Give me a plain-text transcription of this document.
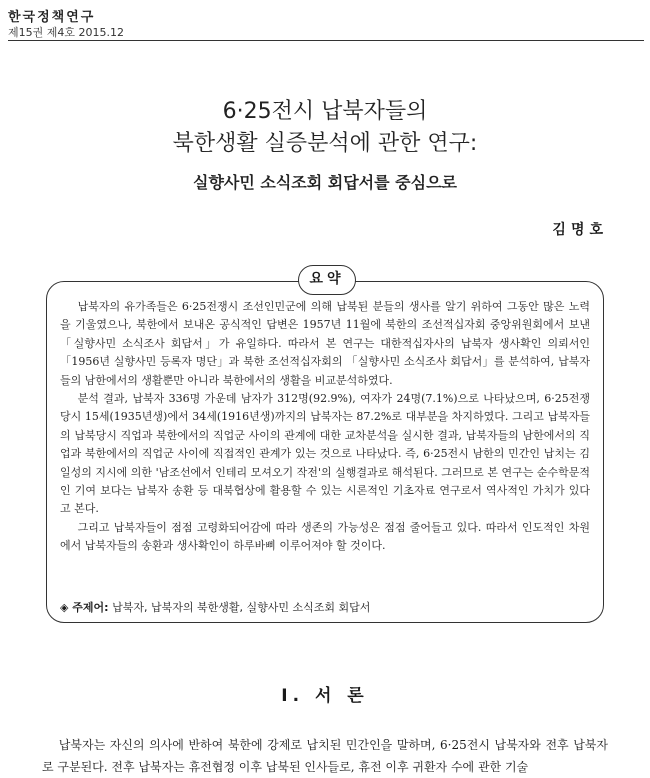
한국정책연구
제15권 제4호 2015.12
6·25전시 납북자들의
북한생활 실증분석에 관한 연구:
실향사민 소식조회 회답서를 중심으로
김명호
요약

납북자의 유가족들은 6·25전쟁시 조선인민군에 의해 납북된 분들의 생사를 알기 위하여 그동안 많은 노력을 기울였으나, 북한에서 보내온 공식적인 답변은 1957년 11월에 북한의 조선적십자회 중앙위원회에서 보낸 「실향사민 소식조사 회답서」가 유일하다. 따라서 본 연구는 대한적십자사의 납북자 생사확인 의뢰서인 「1956년 실향사민 등록자 명단」과 북한 조선적십자회의 「실향사민 소식조사 회답서」를 분석하여, 납북자들의 남한에서의 생활뿐만 아니라 북한에서의 생활을 비교분석하였다.

분석 결과, 납북자 336명 가운데 남자가 312명(92.9%), 여자가 24명(7.1%)으로 나타났으며, 6·25전쟁 당시 15세(1935년생)에서 34세(1916년생)까지의 납북자는 87.2%로 대부분을 차지하였다. 그리고 납북자들의 납북당시 직업과 북한에서의 직업군 사이의 관계에 대한 교차분석을 실시한 결과, 납북자들의 남한에서의 직업과 북한에서의 직업군 사이에 직접적인 관계가 있는 것으로 나타났다. 즉, 6·25전시 남한의 민간인 납치는 김일성의 지시에 의한 '남조선에서 인테리 모셔오기 작전'의 실행결과로 해석된다. 그러므로 본 연구는 순수학문적인 기여 보다는 납북자 송환 등 대북협상에 활용할 수 있는 시론적인 기초자료 연구로서 역사적인 가치가 있다고 본다.

그리고 납북자들이 점점 고령화되어감에 따라 생존의 가능성은 점점 줄어들고 있다. 따라서 인도적인 차원에서 납북자들의 송환과 생사확인이 하루바삐 이루어져야 할 것이다.

◈ 주제어: 납북자, 납북자의 북한생활, 실향사민 소식조회 회답서
I. 서 론
납북자는 자신의 의사에 반하여 북한에 강제로 납치된 민간인을 말하며, 6·25전시 납북자와 전후 납북자로 구분된다. 전후 납북자는 휴전협정 이후 납북된 인사들로, 휴전 이후 귀환자 수에 관한 기술
